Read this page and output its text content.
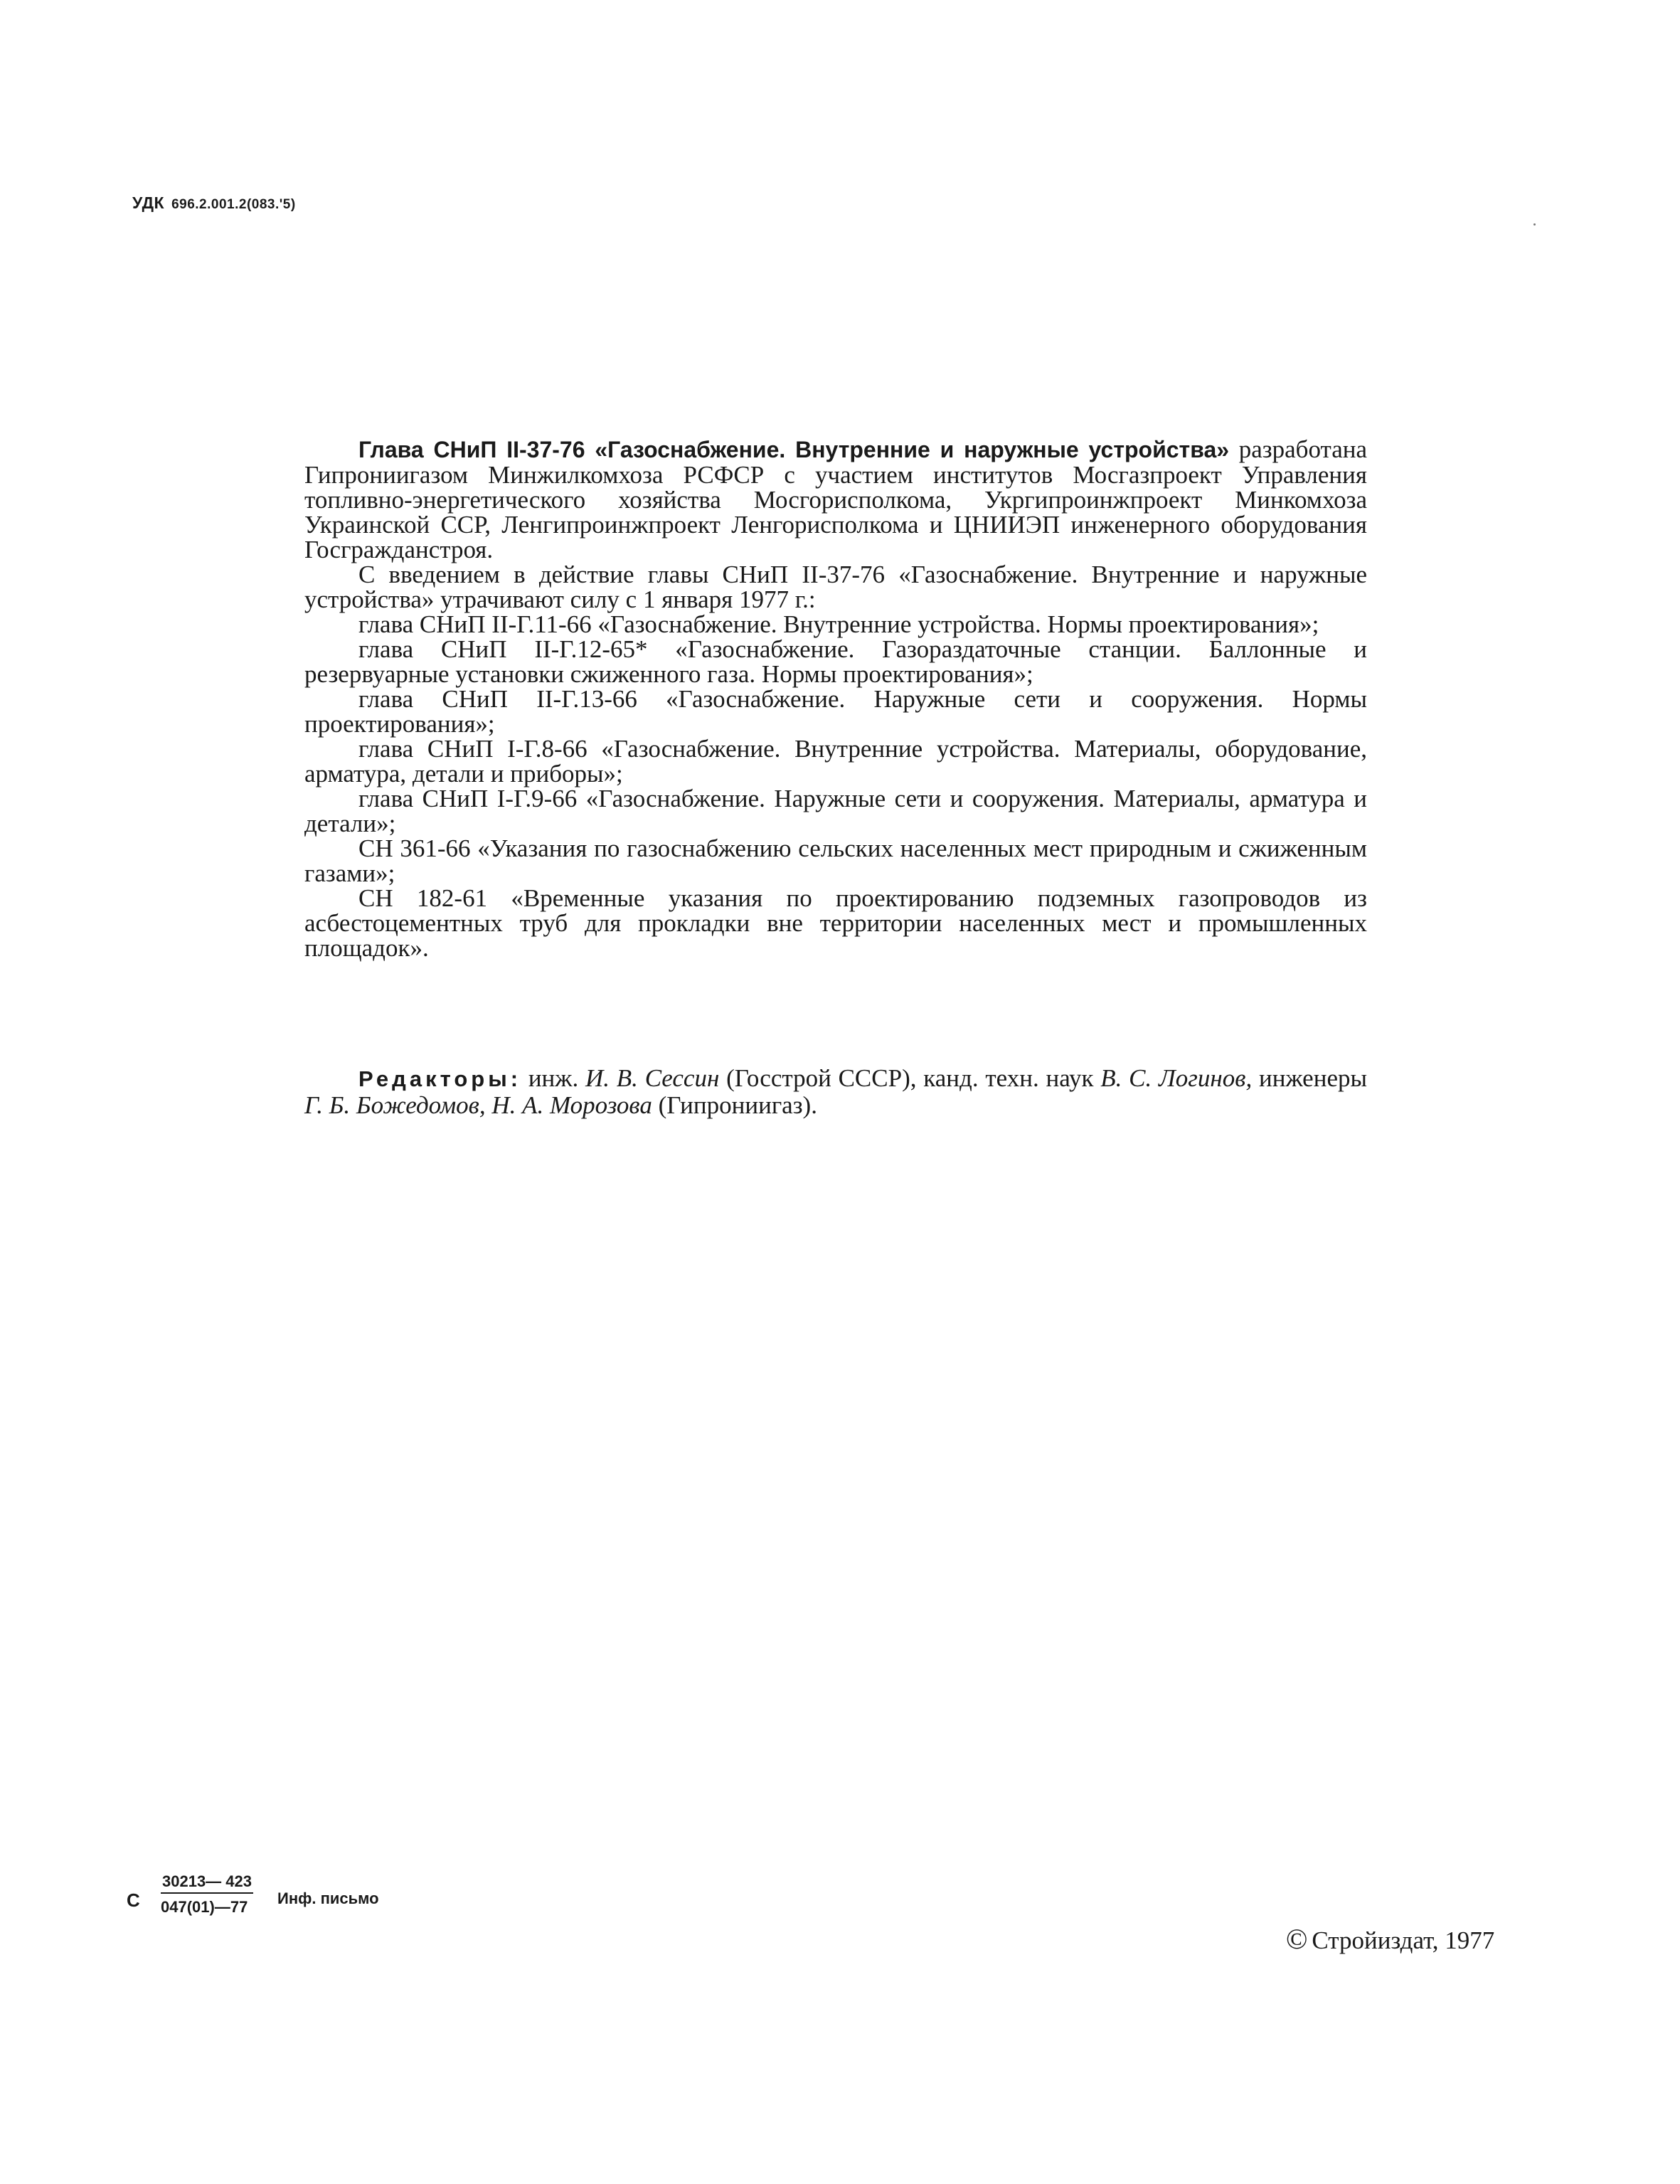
УДК 696.2.001.2(083.'5)

Глава СНиП II-37-76 «Газоснабжение. Внутренние и наружные устройства» разработана Гипрониигазом Минжилкомхоза РСФСР с участием институтов Мосгазпроект Управления топливно-энергетического хозяйства Мосгорисполкома, Укргипроинжпроект Минкомхоза Украинской ССР, Ленгипроинжпроект Ленгорисполкома и ЦНИИЭП инженерного оборудования Госгражданстроя.

С введением в действие главы СНиП II-37-76 «Газоснабжение. Внутренние и наружные устройства» утрачивают силу с 1 января 1977 г.:

глава СНиП II-Г.11-66 «Газоснабжение. Внутренние устройства. Нормы проектирования»;

глава СНиП II-Г.12-65* «Газоснабжение. Газораздаточные станции. Баллонные и резервуарные установки сжиженного газа. Нормы проектирования»;

глава СНиП II-Г.13-66 «Газоснабжение. Наружные сети и сооружения. Нормы проектирования»;

глава СНиП I-Г.8-66 «Газоснабжение. Внутренние устройства. Материалы, оборудование, арматура, детали и приборы»;

глава СНиП I-Г.9-66 «Газоснабжение. Наружные сети и сооружения. Материалы, арматура и детали»;

СН 361-66 «Указания по газоснабжению сельских населенных мест природным и сжиженным газами»;

СН 182-61 «Временные указания по проектированию подземных газопроводов из асбестоцементных труб для прокладки вне территории населенных мест и промышленных площадок».

Редакторы: инж. И. В. Сессин (Госстрой СССР), канд. техн. наук В. С. Логинов, инженеры Г. Б. Божедомов, Н. А. Морозова (Гипрониигаз).

С $\frac{30213— 423}{047(01)—77}$ Инф. письмо
© Стройиздат, 1977
